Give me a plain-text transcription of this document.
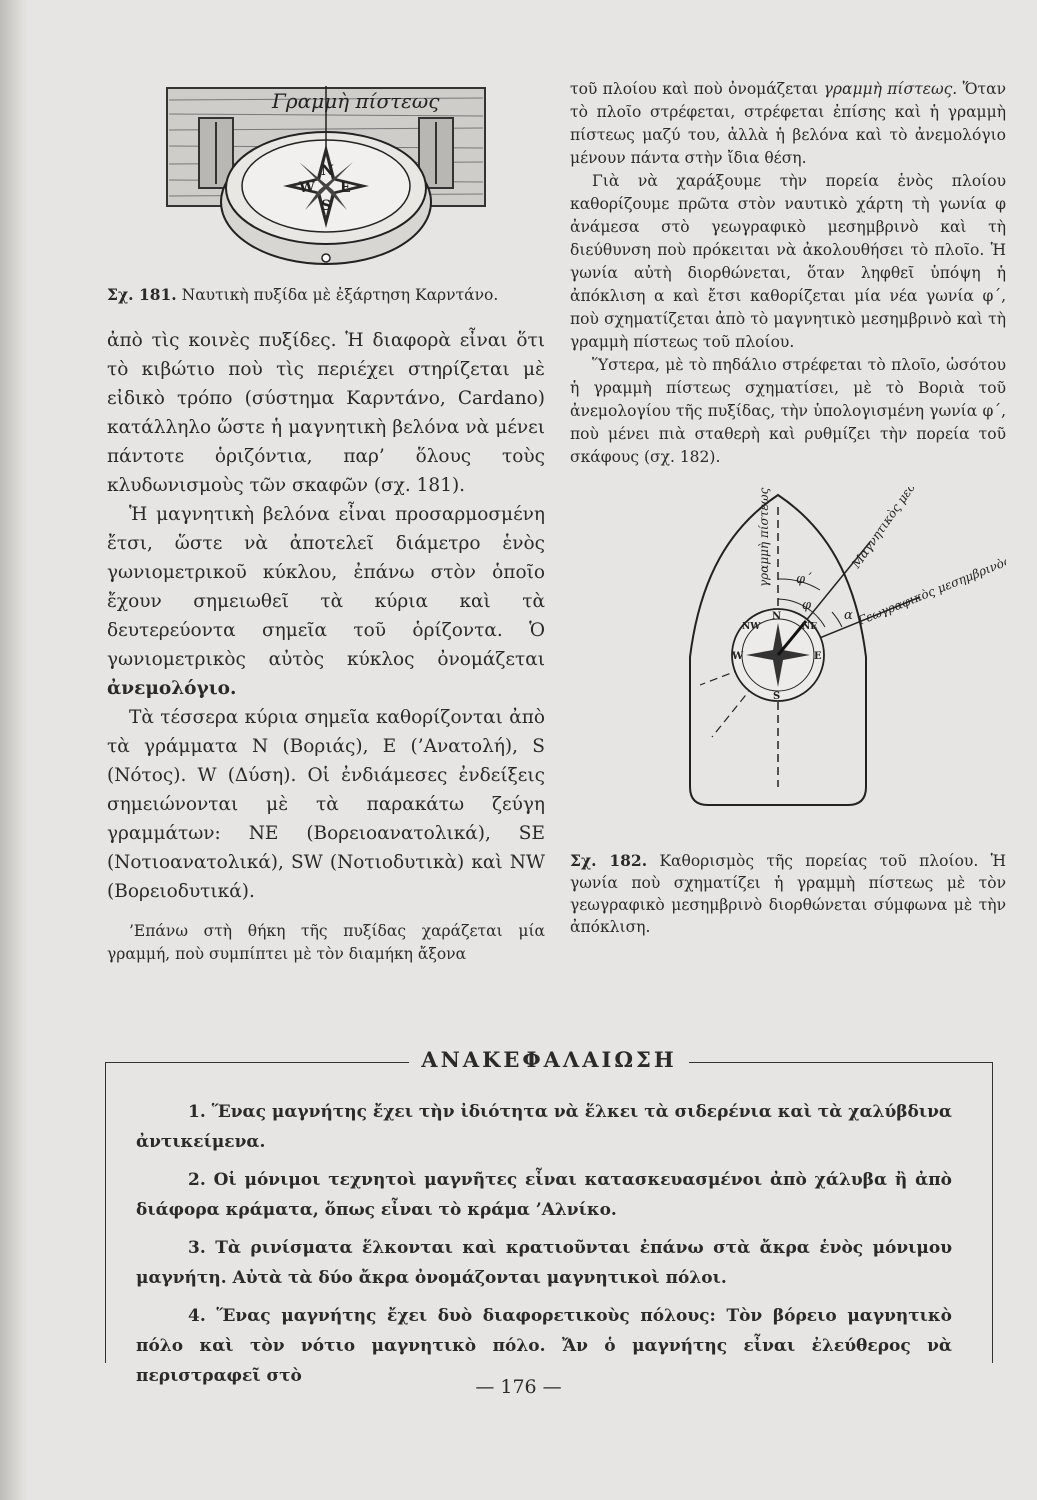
Γραμμὴ πίστεως
N
E
S
W
Σχ. 181. Ναυτικὴ πυξίδα μὲ ἐξάρτηση Καρντάνο.

ἀπὸ τὶς κοινὲς πυξίδες. Ἡ διαφορὰ εἶναι ὅτι τὸ κιβώτιο ποὺ τὶς περιέχει στηρίζεται μὲ εἰδικὸ τρόπο (σύστημα Καρντάνο, Cardano) κατάλληλο ὥστε ἡ μαγνητικὴ βελόνα νὰ μένει πάντοτε ὁριζόντια, παρ’ ὅλους τοὺς κλυδωνισμοὺς τῶν σκαφῶν (σχ. 181).

Ἡ μαγνητικὴ βελόνα εἶναι προσαρμοσμένη ἔτσι, ὥστε νὰ ἀποτελεῖ διάμετρο ἑνὸς γωνιομετρικοῦ κύκλου, ἐπάνω στὸν ὁποῖο ἔχουν σημειωθεῖ τὰ κύρια καὶ τὰ δευτερεύοντα σημεῖα τοῦ ὁρίζοντα. Ὁ γωνιομετρικὸς αὐτὸς κύκλος ὀνομάζεται ἀνεμολόγιο.

Τὰ τέσσερα κύρια σημεῖα καθορίζονται ἀπὸ τὰ γράμματα N (Βοριάς), E (’Ανατολή), S (Νότος). W (Δύση). Οἱ ἐνδιάμεσες ἐνδείξεις σημειώνονται μὲ τὰ παρακάτω ζεύγη γραμμάτων: NE (Βορειοανατολικά), SE (Νοτιοανατολικά), SW (Νοτιοδυτικὰ) καὶ NW (Βορειοδυτικά).

’Επάνω στὴ θήκη τῆς πυξίδας χαράζεται μία γραμμή, ποὺ συμπίπτει μὲ τὸν διαμήκη ἄξονα

τοῦ πλοίου καὶ ποὺ ὀνομάζεται γραμμὴ πίστεως. Ὅταν τὸ πλοῖο στρέφεται, στρέφεται ἐπίσης καὶ ἡ γραμμὴ πίστεως μαζύ του, ἀλλὰ ἡ βελόνα καὶ τὸ ἀνεμολόγιο μένουν πάντα στὴν ἴδια θέση.

Γιὰ νὰ χαράξουμε τὴν πορεία ἑνὸς πλοίου καθορίζουμε πρῶτα στὸν ναυτικὸ χάρτη τὴ γωνία φ ἀνάμεσα στὸ γεωγραφικὸ μεσημβρινὸ καὶ τὴ διεύθυνση ποὺ πρόκειται νὰ ἀκολουθήσει τὸ πλοῖο. Ἡ γωνία αὐτὴ διορθώνεται, ὅταν ληφθεῖ ὑπόψη ἡ ἀπόκλιση α καὶ ἔτσι καθορίζεται μία νέα γωνία φ΄, ποὺ σχηματίζεται ἀπὸ τὸ μαγνητικὸ μεσημβρινὸ καὶ τὴ γραμμὴ πίστεως τοῦ πλοίου.

Ὕστερα, μὲ τὸ πηδάλιο στρέφεται τὸ πλοῖο, ὡσότου ἡ γραμμὴ πίστεως σχηματίσει, μὲ τὸ Βοριὰ τοῦ ἀνεμολογίου τῆς πυξίδας, τὴν ὑπολογισμένη γωνία φ΄, ποὺ μένει πιὰ σταθερὴ καὶ ρυθμίζει τὴν πορεία τοῦ σκάφους (σχ. 182).

N
NE
E
S
W
NW
φ΄
φ
α
γραμμὴ πίστεως	Μαγνητικὸς μεσημβρινὸς
Γεωγραφικὸς μεσημβρινὸς
Σχ. 182. Καθορισμὸς τῆς πορείας τοῦ πλοίου. Ἡ γωνία ποὺ σχηματίζει ἡ γραμμὴ πίστεως μὲ τὸν γεωγραφικὸ μεσημβρινὸ διορθώνεται σύμφωνα μὲ τὴν ἀπόκλιση.
ΑΝΑΚΕΦΑΛΑΙΩΣΗ

1. Ἕνας μαγνήτης ἔχει τὴν ἰδιότητα νὰ ἕλκει τὰ σιδερένια καὶ τὰ χαλύβδινα ἀντικείμενα.

2. Οἱ μόνιμοι τεχνητοὶ μαγνῆτες εἶναι κατασκευασμένοι ἀπὸ χάλυβα ἢ ἀπὸ διάφορα κράματα, ὅπως εἶναι τὸ κράμα ’Αλνίκο.

3. Τὰ ρινίσματα ἕλκονται καὶ κρατιοῦνται ἐπάνω στὰ ἄκρα ἑνὸς μόνιμου μαγνήτη. Αὐτὰ τὰ δύο ἄκρα ὀνομάζονται μαγνητικοὶ πόλοι.

4. Ἕνας μαγνήτης ἔχει δυὸ διαφορετικοὺς πόλους: Τὸν βόρειο μαγνητικὸ πόλο καὶ τὸν νότιο μαγνητικὸ πόλο. Ἄν ὁ μαγνήτης εἶναι ἐλεύθερος νὰ περιστραφεῖ στὸ	— 176 —
